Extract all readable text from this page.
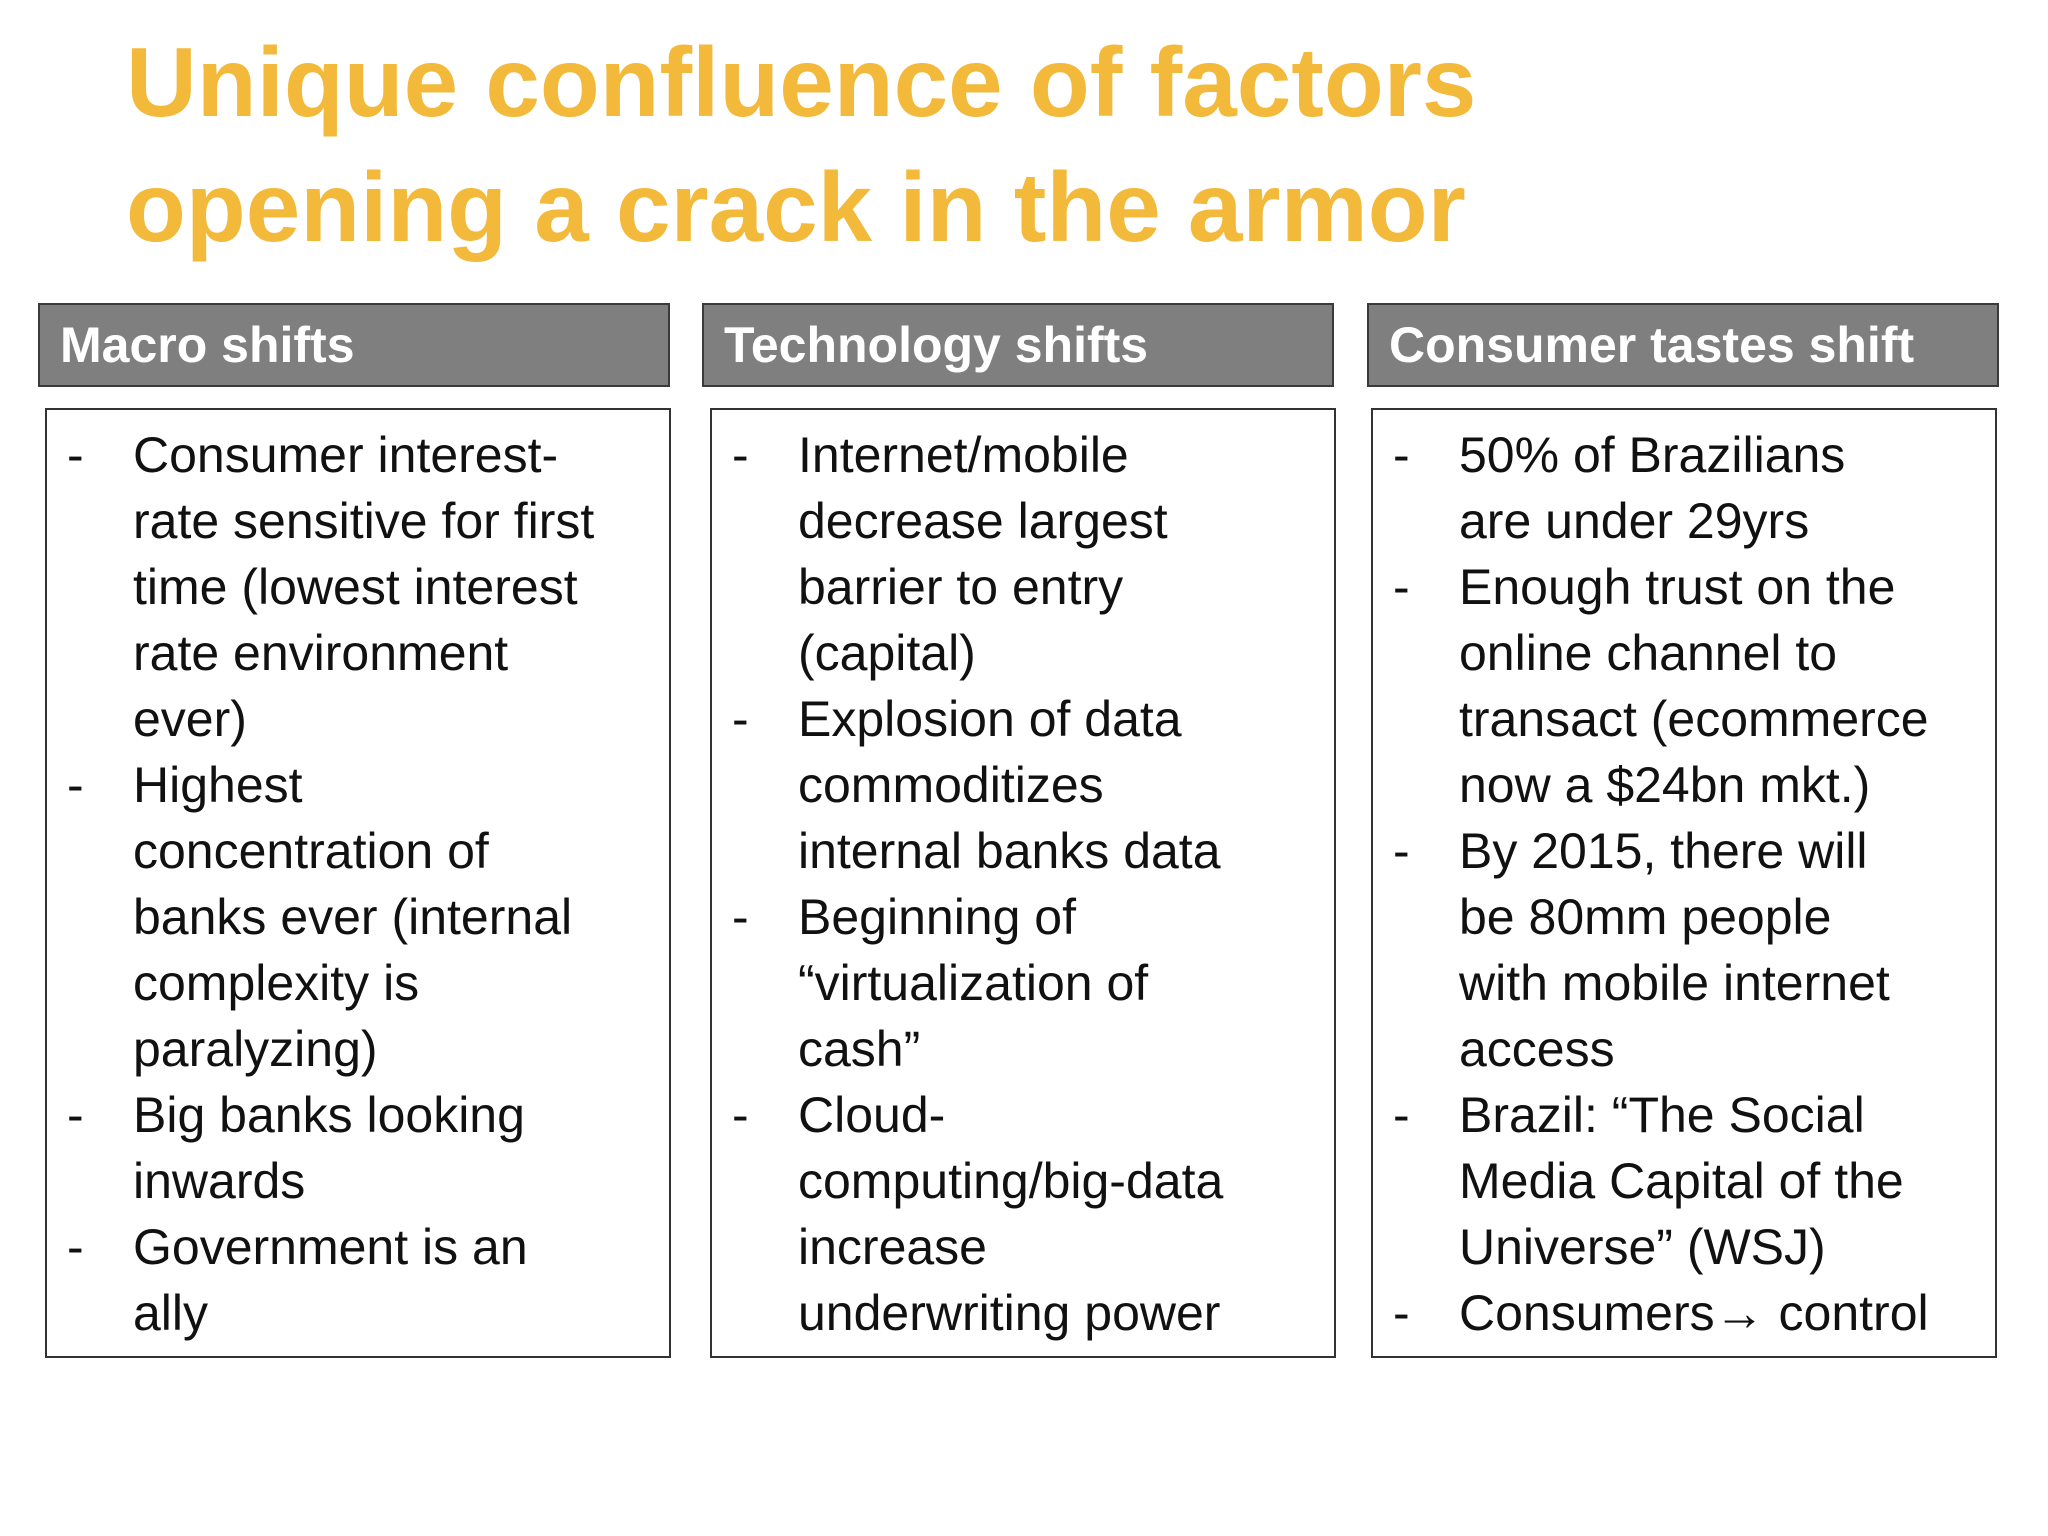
Unique confluence of factors
opening a crack in the armor
Macro shifts	Technology shifts	Consumer tastes shift
- Consumer interest-
rate sensitive for first
time (lowest interest
rate environment
ever)
- Highest
concentration of
banks ever (internal
complexity is
paralyzing)
- Big banks looking
inwards
- Government is an
ally
- Internet/mobile
decrease largest
barrier to entry
(capital)
- Explosion of data
commoditizes
internal banks data
- Beginning of
“virtualization of
cash”
- Cloud-
computing/big-data
increase
underwriting power
- 50% of Brazilians
are under 29yrs
- Enough trust on the
online channel to
transact (ecommerce
now a $24bn mkt.)
- By 2015, there will
be 80mm people
with mobile internet
access
- Brazil: “The Social
Media Capital of the
Universe” (WSJ)
- Consumers→ control
